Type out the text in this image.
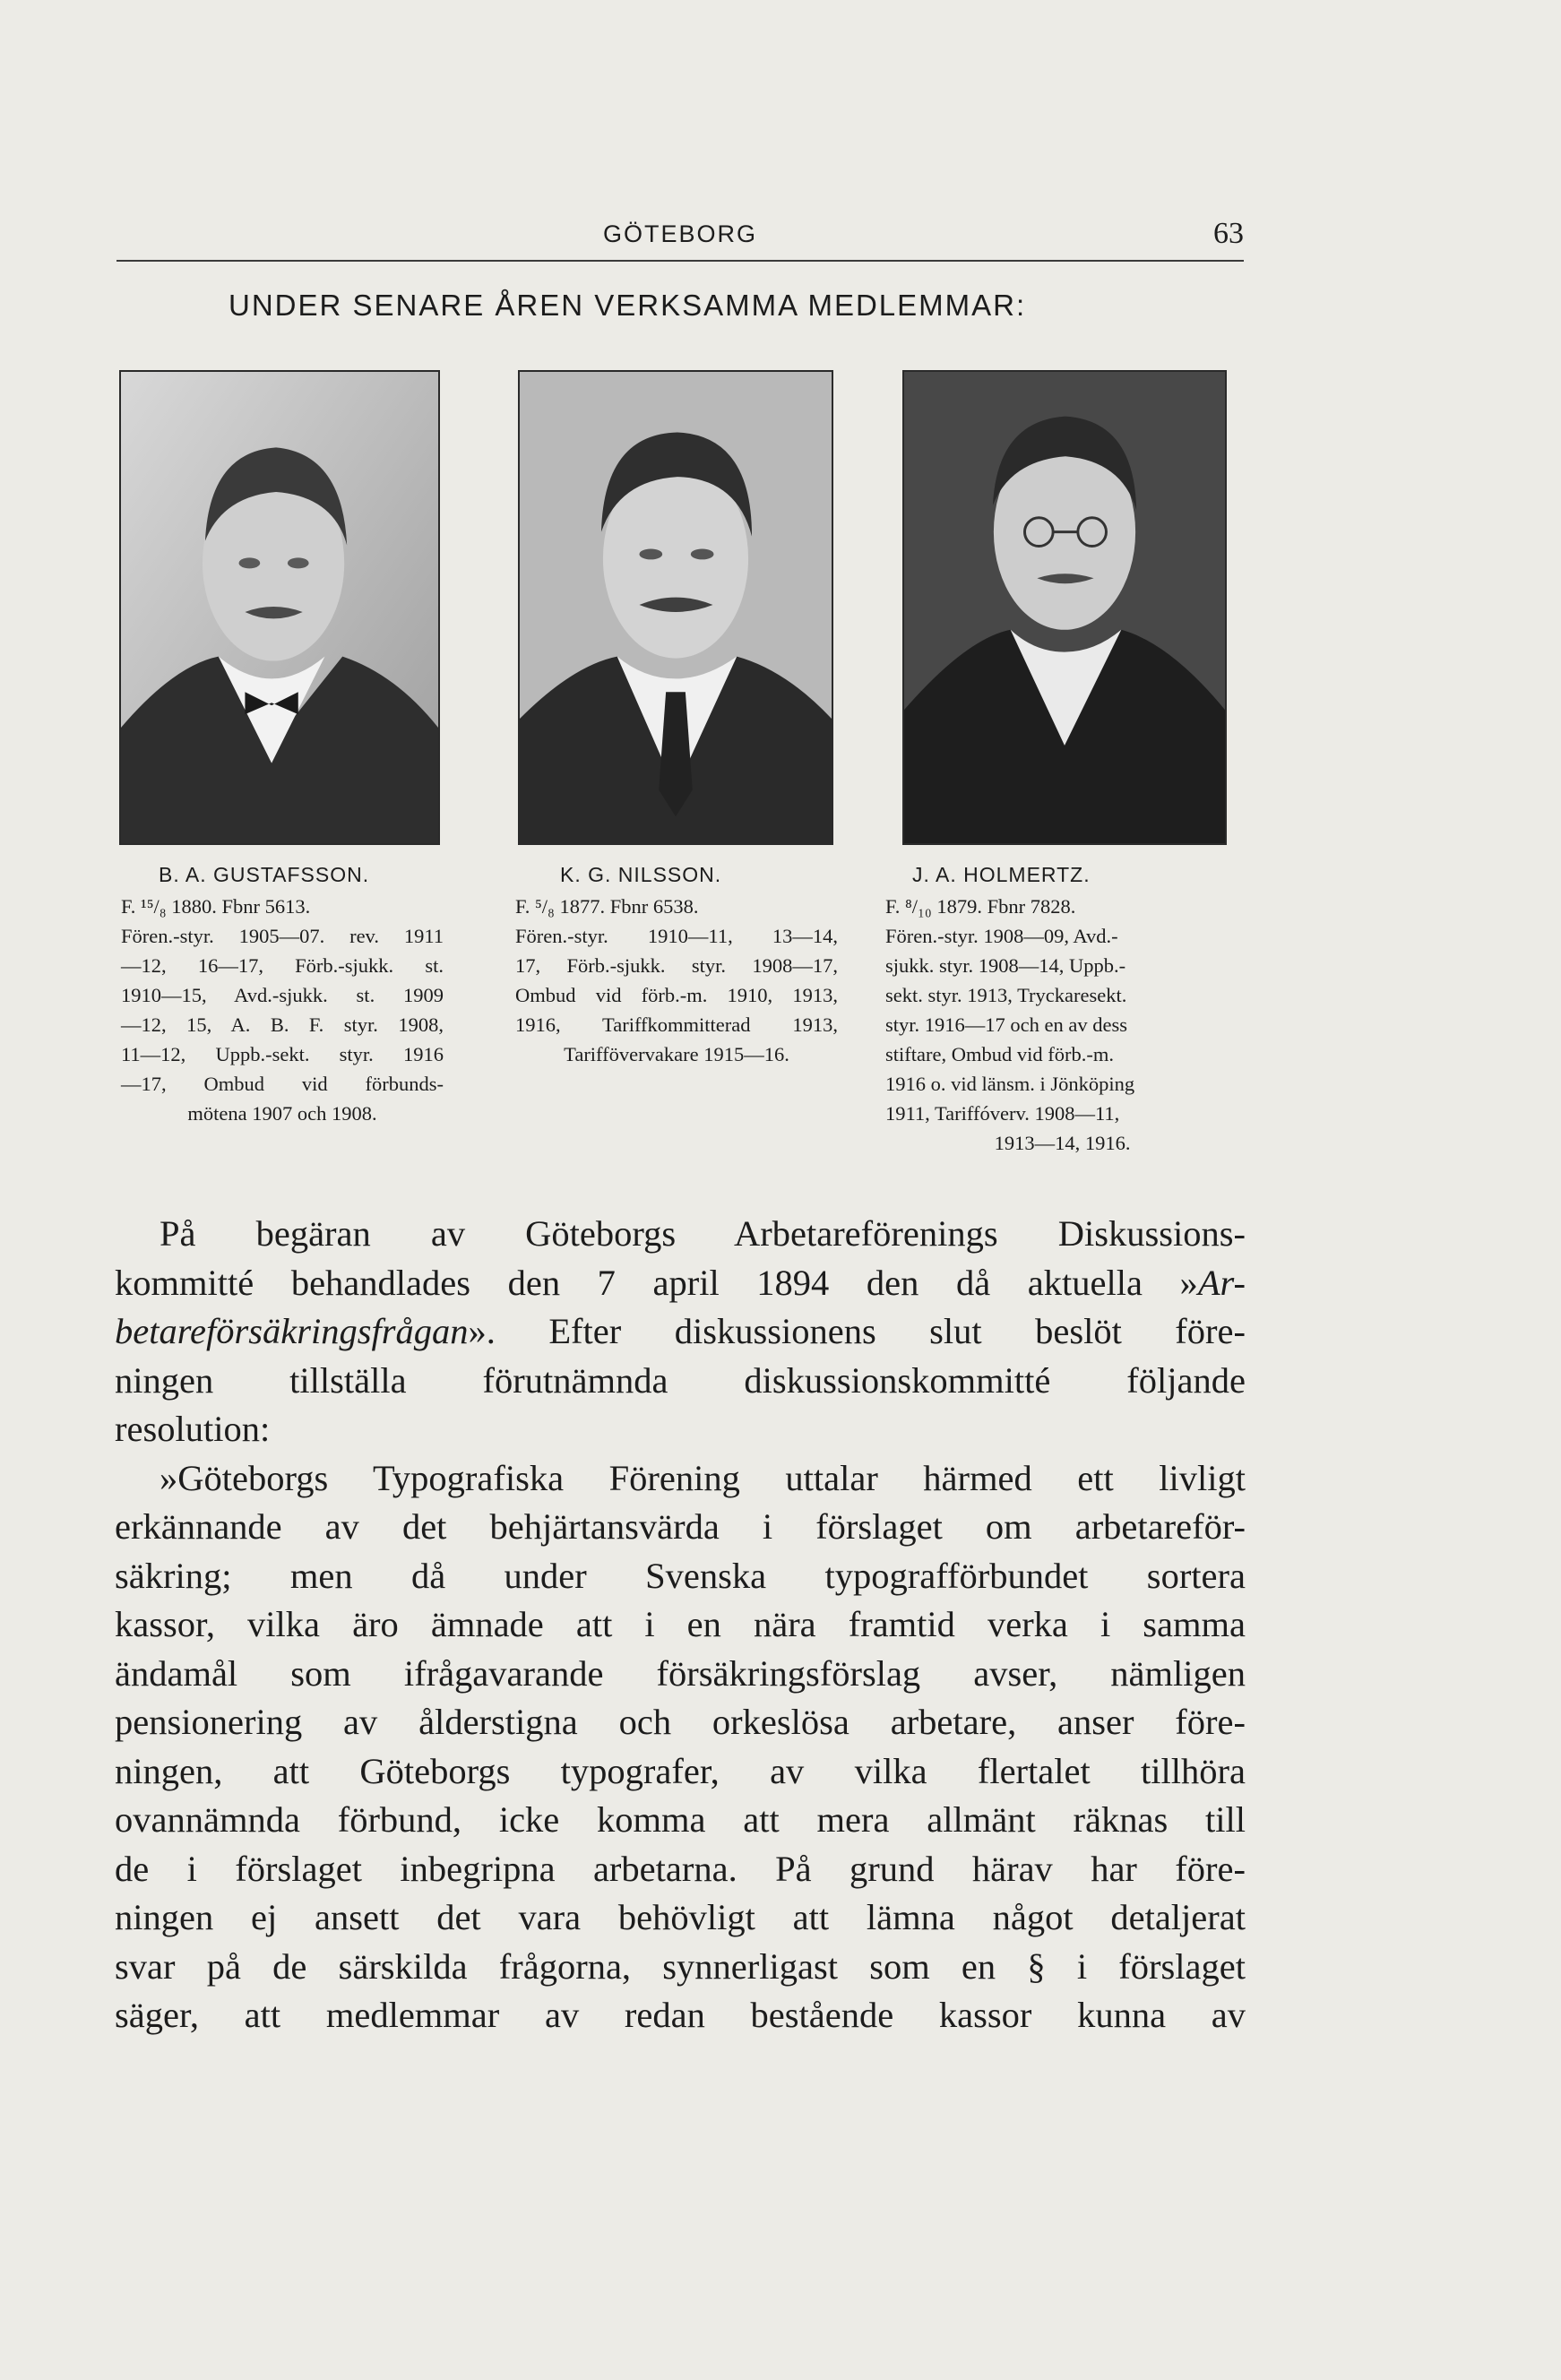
GÖTEBORG	63
UNDER SENARE ÅREN VERKSAMMA MEDLEMMAR:
B. A. GUSTAFSSON.
F. ¹⁵/₈ 1880. Fbnr 5613.
Fören.-styr. 1905—07. rev. 1911
—12, 16—17, Förb.-sjukk. st.
1910—15, Avd.-sjukk. st. 1909
—12, 15, A. B. F. styr. 1908,
11—12, Uppb.-sekt. styr. 1916
—17, Ombud vid förbunds-
mötena 1907 och 1908.
K. G. NILSSON.
F. ⁵/₈ 1877. Fbnr 6538.
Fören.-styr. 1910—11, 13—14,
17, Förb.-sjukk. styr. 1908—17,
Ombud vid förb.-m. 1910, 1913,
1916, Tariffkommitterad 1913,
Tariffövervakare 1915—16.
J. A. HOLMERTZ.
F. ⁸/₁₀ 1879. Fbnr 7828.
Fören.-styr. 1908—09, Avd.-
sjukk. styr. 1908—14, Uppb.-
sekt. styr. 1913, Tryckaresekt.
styr. 1916—17 och en av dess
stiftare, Ombud vid förb.-m.
1916 o. vid länsm. i Jönköping
1911, Tariffóverv. 1908—11,
1913—14, 1916.
På begäran av Göteborgs Arbetareförenings Diskussions-
kommitté behandlades den 7 april 1894 den då aktuella »Ar-
betareförsäkringsfrågan». Efter diskussionens slut beslöt före-
ningen tillställa förutnämnda diskussionskommitté följande
resolution:
»Göteborgs Typografiska Förening uttalar härmed ett livligt
erkännande av det behjärtansvärda i förslaget om arbetareför-
säkring; men då under Svenska typografförbundet sortera
kassor, vilka äro ämnade att i en nära framtid verka i samma
ändamål som ifrågavarande försäkringsförslag avser, nämligen
pensionering av ålderstigna och orkeslösa arbetare, anser före-
ningen, att Göteborgs typografer, av vilka flertalet tillhöra
ovannämnda förbund, icke komma att mera allmänt räknas till
de i förslaget inbegripna arbetarna. På grund härav har före-
ningen ej ansett det vara behövligt att lämna något detaljerat
svar på de särskilda frågorna, synnerligast som en § i förslaget
säger, att medlemmar av redan bestående kassor kunna av
